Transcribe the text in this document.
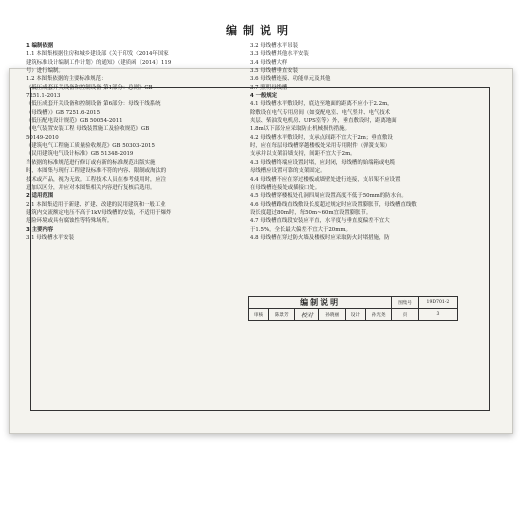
编制说明
1 编制依据
1.1 本图集根据住房和城乡建设部《关于印发〈2014年国家
建筑标准设计编制工作计划〉的通知》（建质函〔2014〕119
号）进行编制。
1.2 本图集依据的主要标准规范：
《低压成套开关设备和控制设备 第1部分：总则》GB
7251.1-2013
《低压成套开关设备和控制设备 第6部分：母线干线系统
（母线槽）》GB 7251.6-2015
《低压配电设计规范》GB 50054-2011
《电气装置安装工程 母线装置施工及验收规范》GB
50149-2010
《建筑电气工程施工质量验收规范》GB 50303-2015
《民用建筑电气设计标准》GB 51348-2019
当依据的标准规范进行修订或有新的标准规范出版实施
时，本图集与现行工程建设标准不符的内容、限制或淘汰的
技术或产品，视为无效。工程技术人员在参考使用时，应注
意加以区分，并应对本图集相关内容进行复核后选用。
2 适用范围
2.1 本图集适用于新建、扩建、改建的民用建筑和一般工业
建筑内交流额定电压不高于1kV母线槽的安装，不适用于爆炸
危险环境或具有腐蚀性等特殊场所。
3 主要内容
3.1 母线槽水平安装
3.2 母线槽水平吊装
3.3 母线槽其他水平安装
3.4 母线槽大样
3.5 母线槽垂直安装
3.6 母线槽连接、功能单元及其他
3.7 照明母线槽
4 一般规定
4.1 母线槽水平敷设时，底边至地面的距离不应小于2.2m，
除敷设在电气专用房间（如变配电室、电气竖井、电气技术
夹层、柴油发电机房、UPS室等）外，垂直敷设时，距离地面
1.8m以下部分应采取防止机械损伤措施。
4.2 母线槽水平敷设时，支承点间距不宜大于2m；垂直敷设
时，应在每层母线槽穿越楼板处采用专用附件（弹簧支架）
支承并以支架沿墙支持，间距不宜大于2m。
4.3 母线槽终端应设置封堵，应封闭，母线槽的始端箱或电缆
母线槽应设置可靠的支架固定。
4.4 母线槽不应在穿过楼板或墙壁处进行连接，支吊架不应设置
在母线槽连接处或插接口处。
4.5 母线槽穿楼板处孔洞四周应设置高度不低于50mm的防水台。
4.6 母线槽路线直线敷设长度超过规定时应设置膨胀节，母线槽直线敷
设长度超过80m时，每50m~60m宜设置膨胀节。
4.7 母线槽直线段安装应平直，水平度与垂直度偏差不宜大
于1.5%，全长最大偏差不宜大于20mm。
4.8 母线槽在穿过防火墙及楼板时应采取防火封堵措施，防
编制说明						图集号	19D701-2
审核	陈景芳	校对	孙晓丽	设计	孙光尧	页	3
